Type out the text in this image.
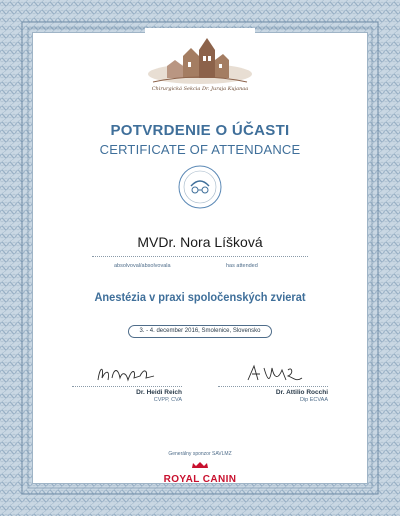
Chirurgická Sekcia Dr. Juraja Kujanaa
POTVRDENIE O ÚČASTI
CERTIFICATE OF ATTENDANCE
MVDr. Nora Líšková
absolvoval/absolvovala	has attended
Anestézia v praxi spoločenských zvierat
3. - 4. december 2016, Smolenice, Slovensko
Dr. Heidi Reich
CVPP, CVA
Dr. Attilio Rocchi
Dip ECVAA
Generálny sponzor SAVLMZ
ROYAL CANIN
